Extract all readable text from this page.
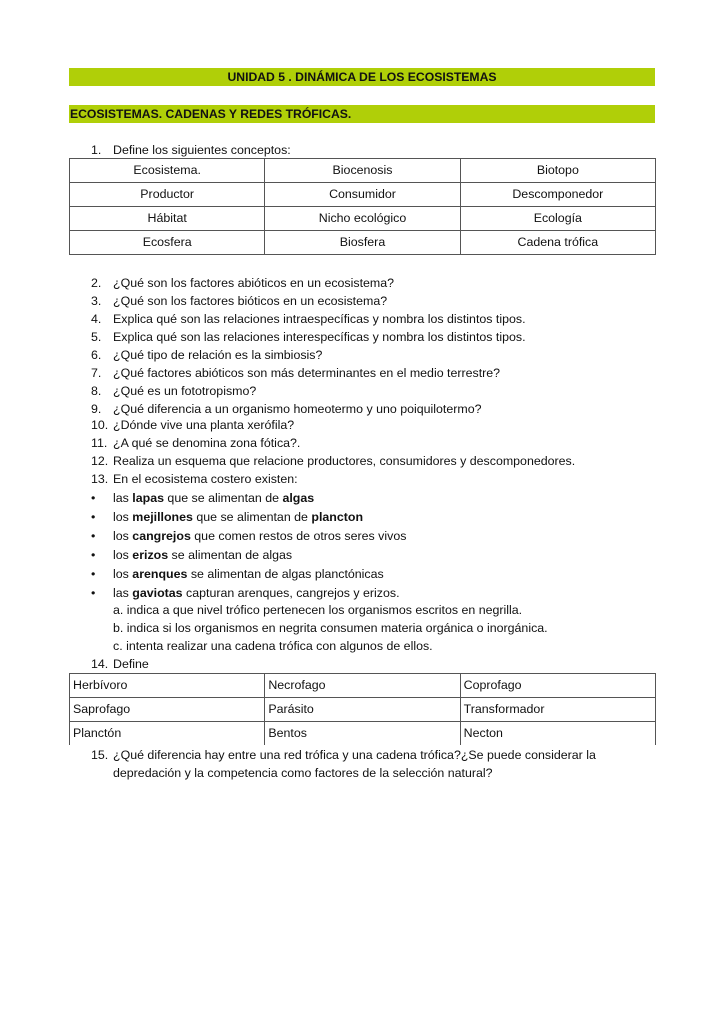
UNIDAD 5 . DINÁMICA DE LOS ECOSISTEMAS
ECOSISTEMAS. CADENAS Y REDES TRÓFICAS.
1. Define los siguientes conceptos:
Ecosistema.	Biocenosis	Biotopo
Productor	Consumidor	Descomponedor
Hábitat	Nicho ecológico	Ecología
Ecosfera	Biosfera	Cadena trófica
2. ¿Qué son los factores abióticos en un ecosistema?
3. ¿Qué son los factores bióticos en un ecosistema?
4. Explica qué son las relaciones intraespecíficas y nombra los distintos tipos.
5. Explica qué son las relaciones interespecíficas y nombra los distintos tipos.
6. ¿Qué tipo de relación es la simbiosis?
7. ¿Qué factores abióticos son más determinantes en el medio terrestre?
8. ¿Qué es un fototropismo?
9. ¿Qué diferencia a un organismo homeotermo y uno poiquilotermo?
10. ¿Dónde vive una planta xerófila?
11. ¿A qué se denomina zona fótica?.
12. Realiza un esquema que relacione productores, consumidores y descomponedores.
13. En el ecosistema costero existen:
• las lapas que se alimentan de algas
• los mejillones que se alimentan de plancton
• los cangrejos que comen restos de otros seres vivos
• los erizos se alimentan de algas
• los arenques se alimentan de algas planctónicas
• las gaviotas capturan arenques, cangrejos y erizos.
a. indica a que nivel trófico pertenecen los organismos escritos en negrilla.
b. indica si los organismos en negrita consumen materia orgánica o inorgánica.
c. intenta realizar una cadena trófica con algunos de ellos.
14. Define
Herbívoro	Necrofago	Coprofago
Saprofago	Parásito	Transformador
Planctón	Bentos	Necton
15. ¿Qué diferencia hay entre una red trófica y una cadena trófica?¿Se puede considerar la
depredación y la competencia como factores de la selección natural?
